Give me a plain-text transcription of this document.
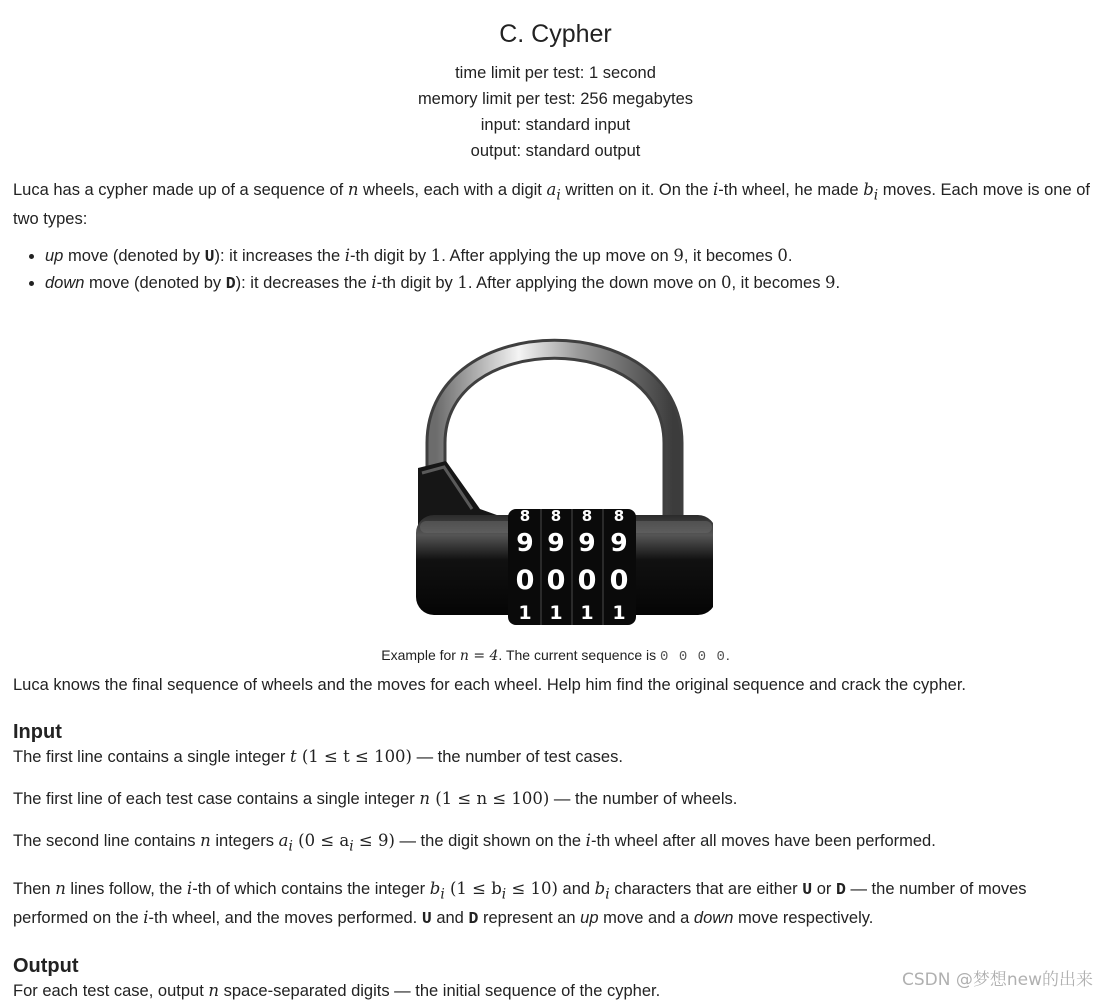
C. Cypher
time limit per test: 1 second
memory limit per test: 256 megabytes
input: standard input
output: standard output

Luca has a cypher made up of a sequence of n wheels, each with a digit $a_i$ written on it. On the i-th wheel, he made $b_i$ moves. Each move is one of two types:

• up move (denoted by U): it increases the i-th digit by 1. After applying the up move on 9, it becomes 0.
• down move (denoted by D): it decreases the i-th digit by 1. After applying the down move on 0, it becomes 9.
8 8 8 8
9 9 9 9
0 0 0 0
1 1 1 1
Example for n = 4. The current sequence is 0 0 0 0.

Luca knows the final sequence of wheels and the moves for each wheel. Help him find the original sequence and crack the cypher.

Input

The first line contains a single integer t (1 ≤ t ≤ 100) — the number of test cases.

The first line of each test case contains a single integer n (1 ≤ n ≤ 100) — the number of wheels.

The second line contains n integers $a_i$ $(0 \le a_i \le 9)$ — the digit shown on the i-th wheel after all moves have been performed.

Then n lines follow, the i-th of which contains the integer $b_i$ $(1 \le b_i \le 10)$ and $b_i$ characters that are either U or D — the number of moves performed on the i-th wheel, and the moves performed. U and D represent an up move and a down move respectively.

Output

For each test case, output n space-separated digits — the initial sequence of the cypher.

CSDN @梦想new的出来
